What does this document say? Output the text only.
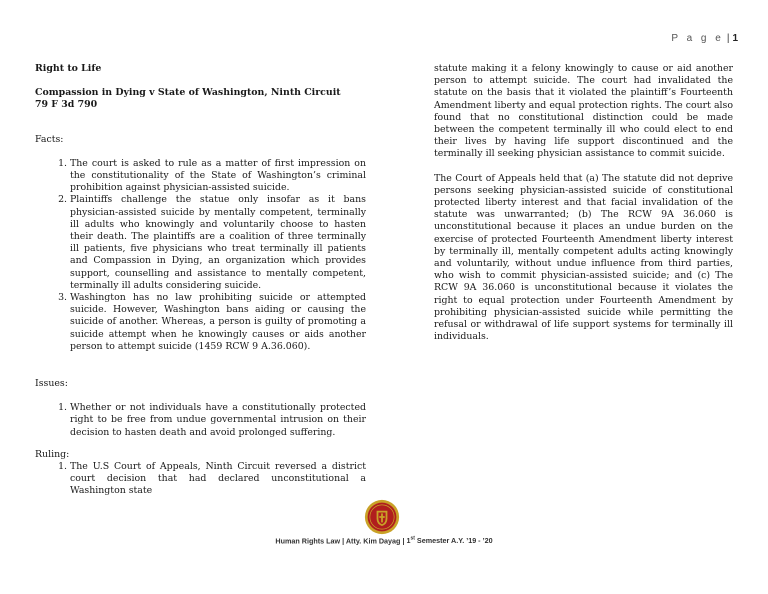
P a g e | 1

Right to Life

Compassion in Dying v State of Washington, Ninth Circuit

79 F 3d 790

Facts:

1. The court is asked to rule as a matter of first impression on the constitutionality of the State of Washington’s criminal prohibition against physician-assisted suicide.
2. Plaintiffs challenge the statue only insofar as it bans physician-assisted suicide by mentally competent, terminally ill adults who knowingly and voluntarily choose to hasten their death. The plaintiffs are a coalition of three terminally ill patients, five physicians who treat terminally ill patients and Compassion in Dying, an organization which provides support, counselling and assistance to mentally competent, terminally ill adults considering suicide.
3. Washington has no law prohibiting suicide or attempted suicide. However, Washington bans aiding or causing the suicide of another. Whereas, a person is guilty of promoting a suicide attempt when he knowingly causes or aids another person to attempt suicide (1459 RCW 9 A.36.060).

Issues:

1. Whether or not individuals have a constitutionally protected right to be free from undue governmental intrusion on their decision to hasten death and avoid prolonged suffering.

Ruling:

1. The U.S Court of Appeals, Ninth Circuit reversed a district court decision that had declared unconstitutional a Washington state

statute making it a felony knowingly to cause or aid another person to attempt suicide. The court had invalidated the statute on the basis that it violated the plaintiff’s Fourteenth Amendment liberty and equal protection rights. The court also found that no constitutional distinction could be made between the competent terminally ill who could elect to end their lives by having life support discontinued and the terminally ill seeking physician assistance to commit suicide.

The Court of Appeals held that (a) The statute did not deprive persons seeking physician-assisted suicide of constitutional protected liberty interest and that facial invalidation of the statute was unwarranted; (b) The RCW 9A 36.060 is unconstitutional because it places an undue burden on the exercise of protected Fourteenth Amendment liberty interest by terminally ill, mentally competent adults acting knowingly and voluntarily, without undue influence from third parties, who wish to commit physician-assisted suicide; and (c) The RCW 9A 36.060 is unconstitutional because it violates the right to equal protection under Fourteenth Amendment by prohibiting physician-assisted suicide while permitting the refusal or withdrawal of life support systems for terminally ill individuals.

Human Rights Law | Atty. Kim Dayag | 1st Semester A.Y. ’19 - ’20
